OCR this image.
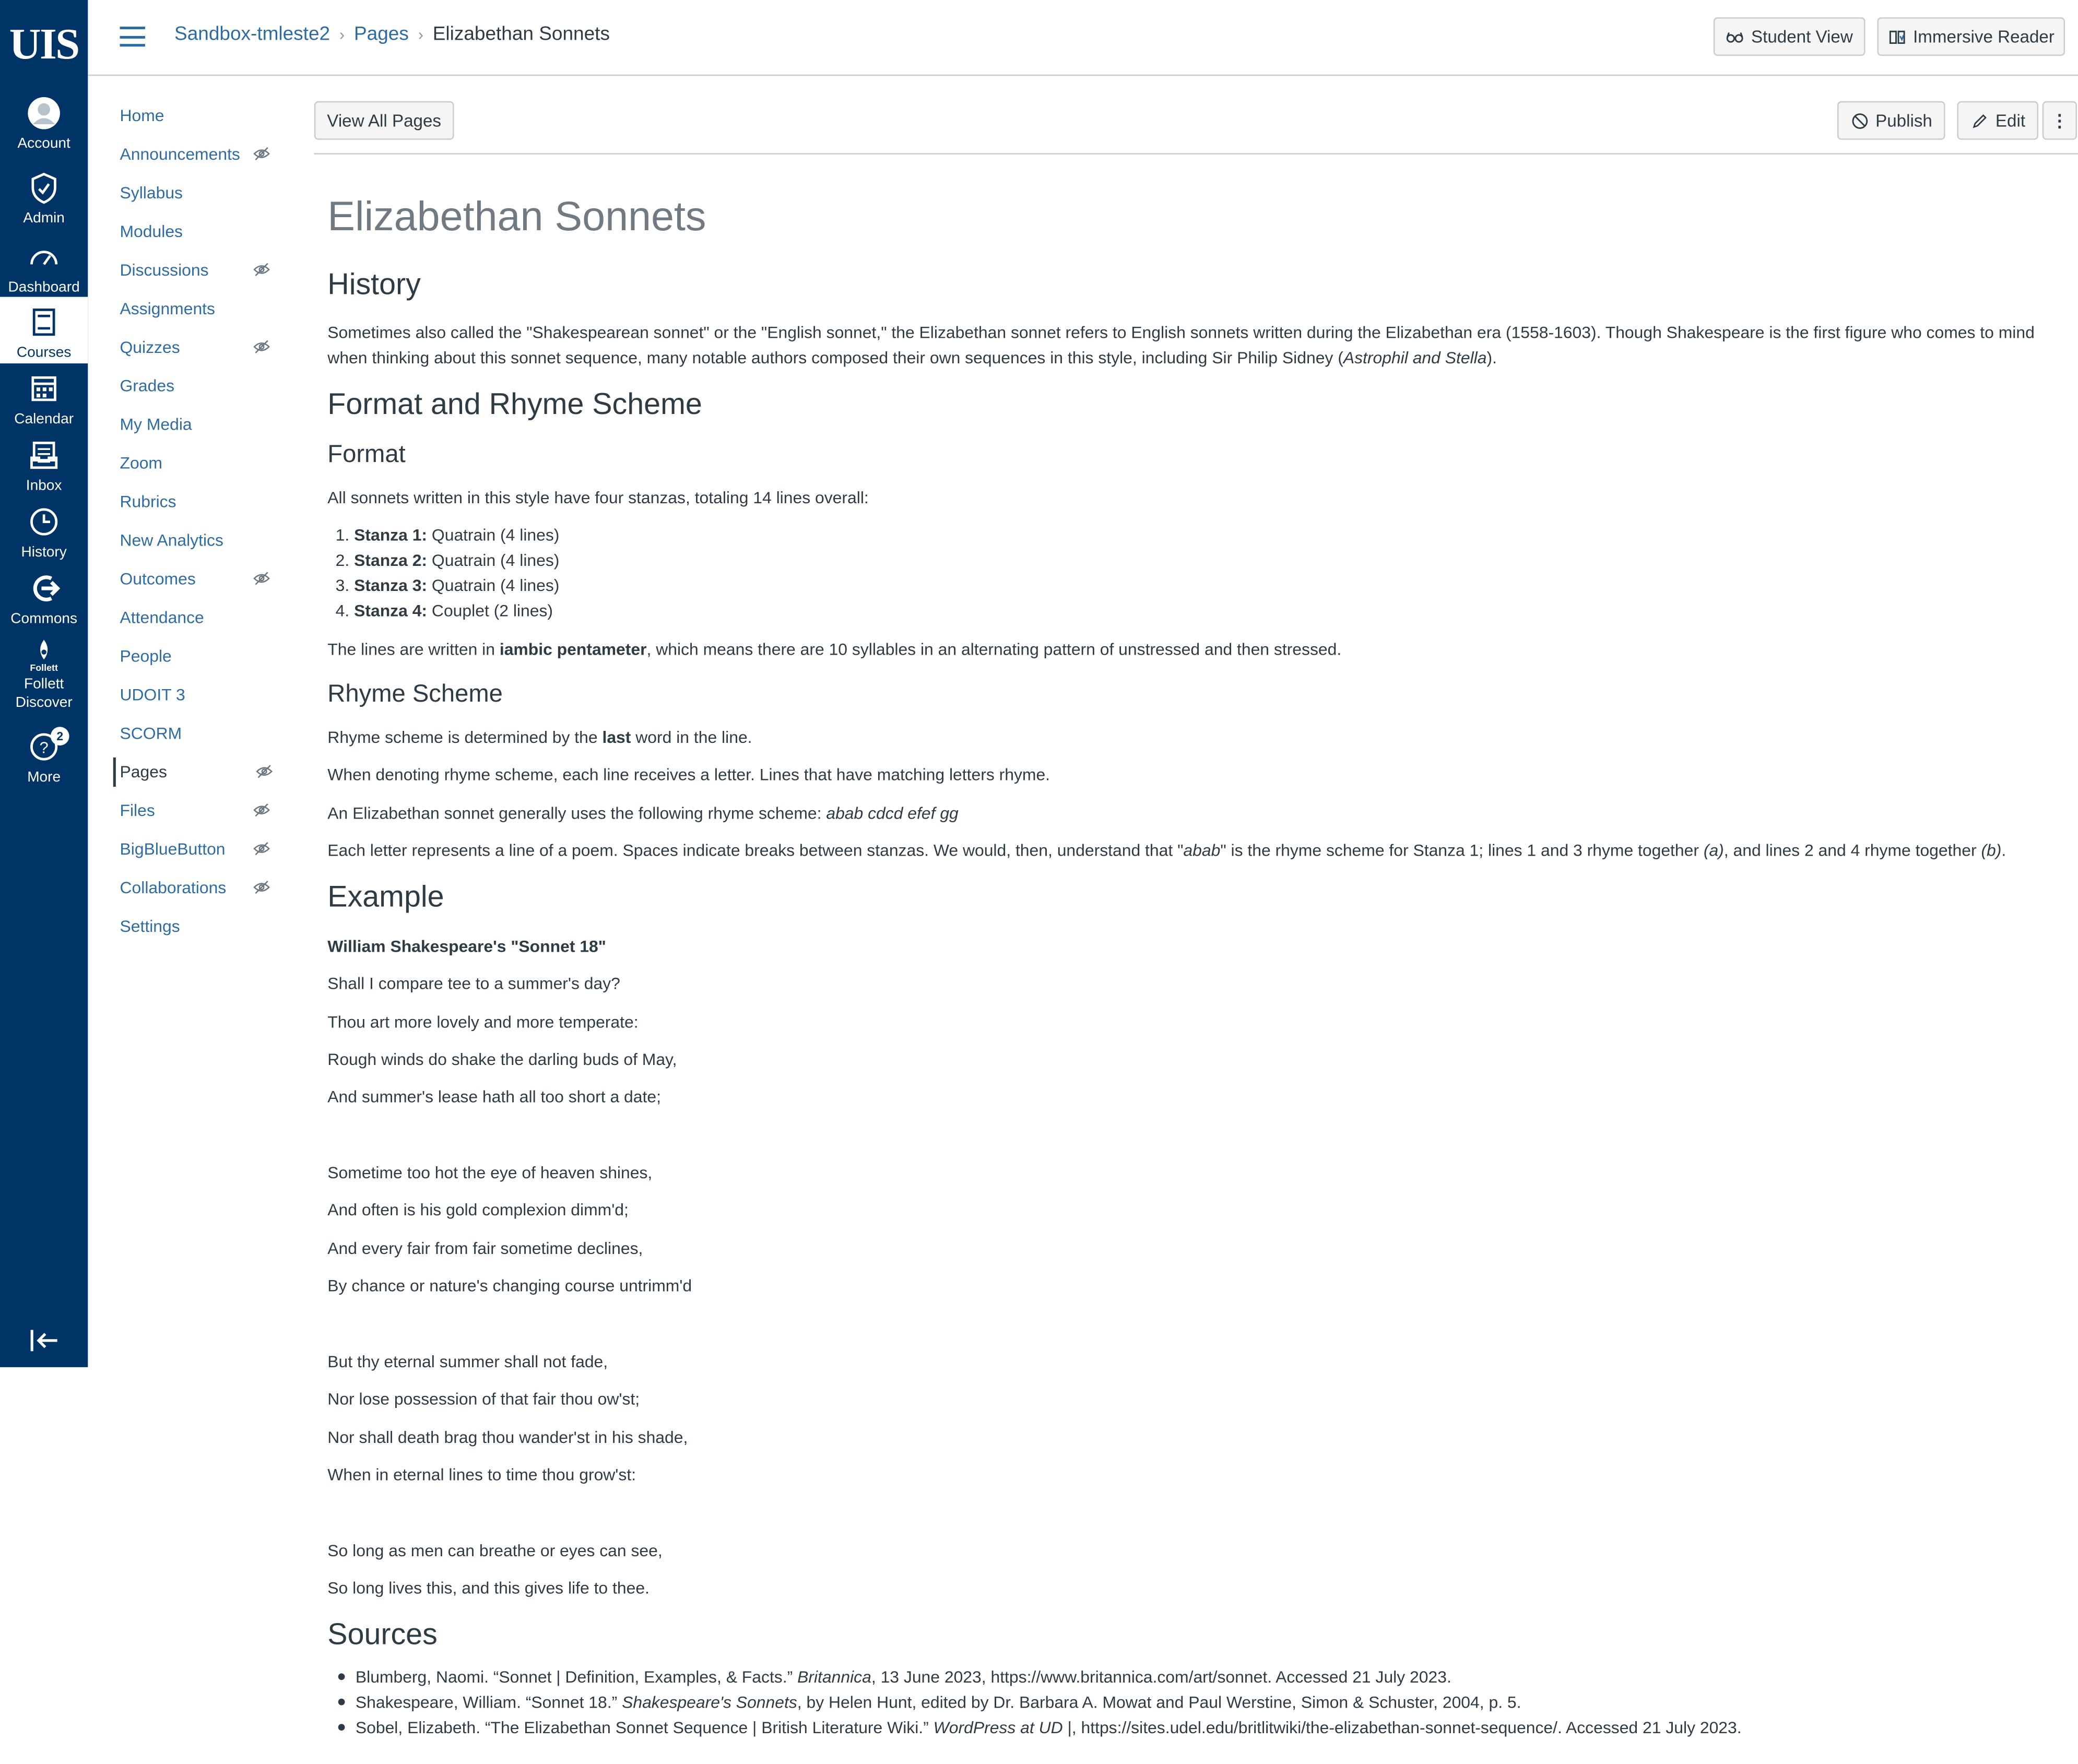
UIS
Account
Admin
Dashboard
Courses
Calendar
Inbox
History
Commons
Follett
Follett
Discover
?
2
More
Sandbox-tmleste2 › Pages › Elizabethan Sonnets	Student View	Immersive Reader
Home
Announcements
Syllabus
Modules
Discussions
Assignments
Quizzes
Grades
My Media
Zoom
Rubrics
New Analytics
Outcomes
Attendance
People
UDOIT 3
SCORM
Pages
Files
BigBlueButton
Collaborations
Settings
View All Pages	Publish	Edit	⋮
Elizabethan Sonnets
History
Sometimes also called the "Shakespearean sonnet" or the "English sonnet," the Elizabethan sonnet refers to English sonnets written during the Elizabethan era (1558-1603). Though Shakespeare is the first figure who comes to mind when thinking about this sonnet sequence, many notable authors composed their own sequences in this style, including Sir Philip Sidney (Astrophil and Stella).
Format and Rhyme Scheme
Format
All sonnets written in this style have four stanzas, totaling 14 lines overall:
1. Stanza 1: Quatrain (4 lines)
2. Stanza 2: Quatrain (4 lines)
3. Stanza 3: Quatrain (4 lines)
4. Stanza 4: Couplet (2 lines)
The lines are written in iambic pentameter, which means there are 10 syllables in an alternating pattern of unstressed and then stressed.
Rhyme Scheme
Rhyme scheme is determined by the last word in the line.
When denoting rhyme scheme, each line receives a letter. Lines that have matching letters rhyme.
An Elizabethan sonnet generally uses the following rhyme scheme: abab cdcd efef gg
Each letter represents a line of a poem. Spaces indicate breaks between stanzas. We would, then, understand that "abab" is the rhyme scheme for Stanza 1; lines 1 and 3 rhyme together (a), and lines 2 and 4 rhyme together (b).
Example
William Shakespeare's "Sonnet 18"
Shall I compare tee to a summer's day?
Thou art more lovely and more temperate:
Rough winds do shake the darling buds of May,
And summer's lease hath all too short a date;
Sometime too hot the eye of heaven shines,
And often is his gold complexion dimm'd;
And every fair from fair sometime declines,
By chance or nature's changing course untrimm'd
But thy eternal summer shall not fade,
Nor lose possession of that fair thou ow'st;
Nor shall death brag thou wander'st in his shade,
When in eternal lines to time thou grow'st:
So long as men can breathe or eyes can see,
So long lives this, and this gives life to thee.
Sources
Blumberg, Naomi. “Sonnet | Definition, Examples, & Facts.” Britannica, 13 June 2023, https://www.britannica.com/art/sonnet. Accessed 21 July 2023.
Shakespeare, William. “Sonnet 18.” Shakespeare's Sonnets, by Helen Hunt, edited by Dr. Barbara A. Mowat and Paul Werstine, Simon & Schuster, 2004, p. 5.
Sobel, Elizabeth. “The Elizabethan Sonnet Sequence | British Literature Wiki.” WordPress at UD |, https://sites.udel.edu/britlitwiki/the-elizabethan-sonnet-sequence/. Accessed 21 July 2023.
